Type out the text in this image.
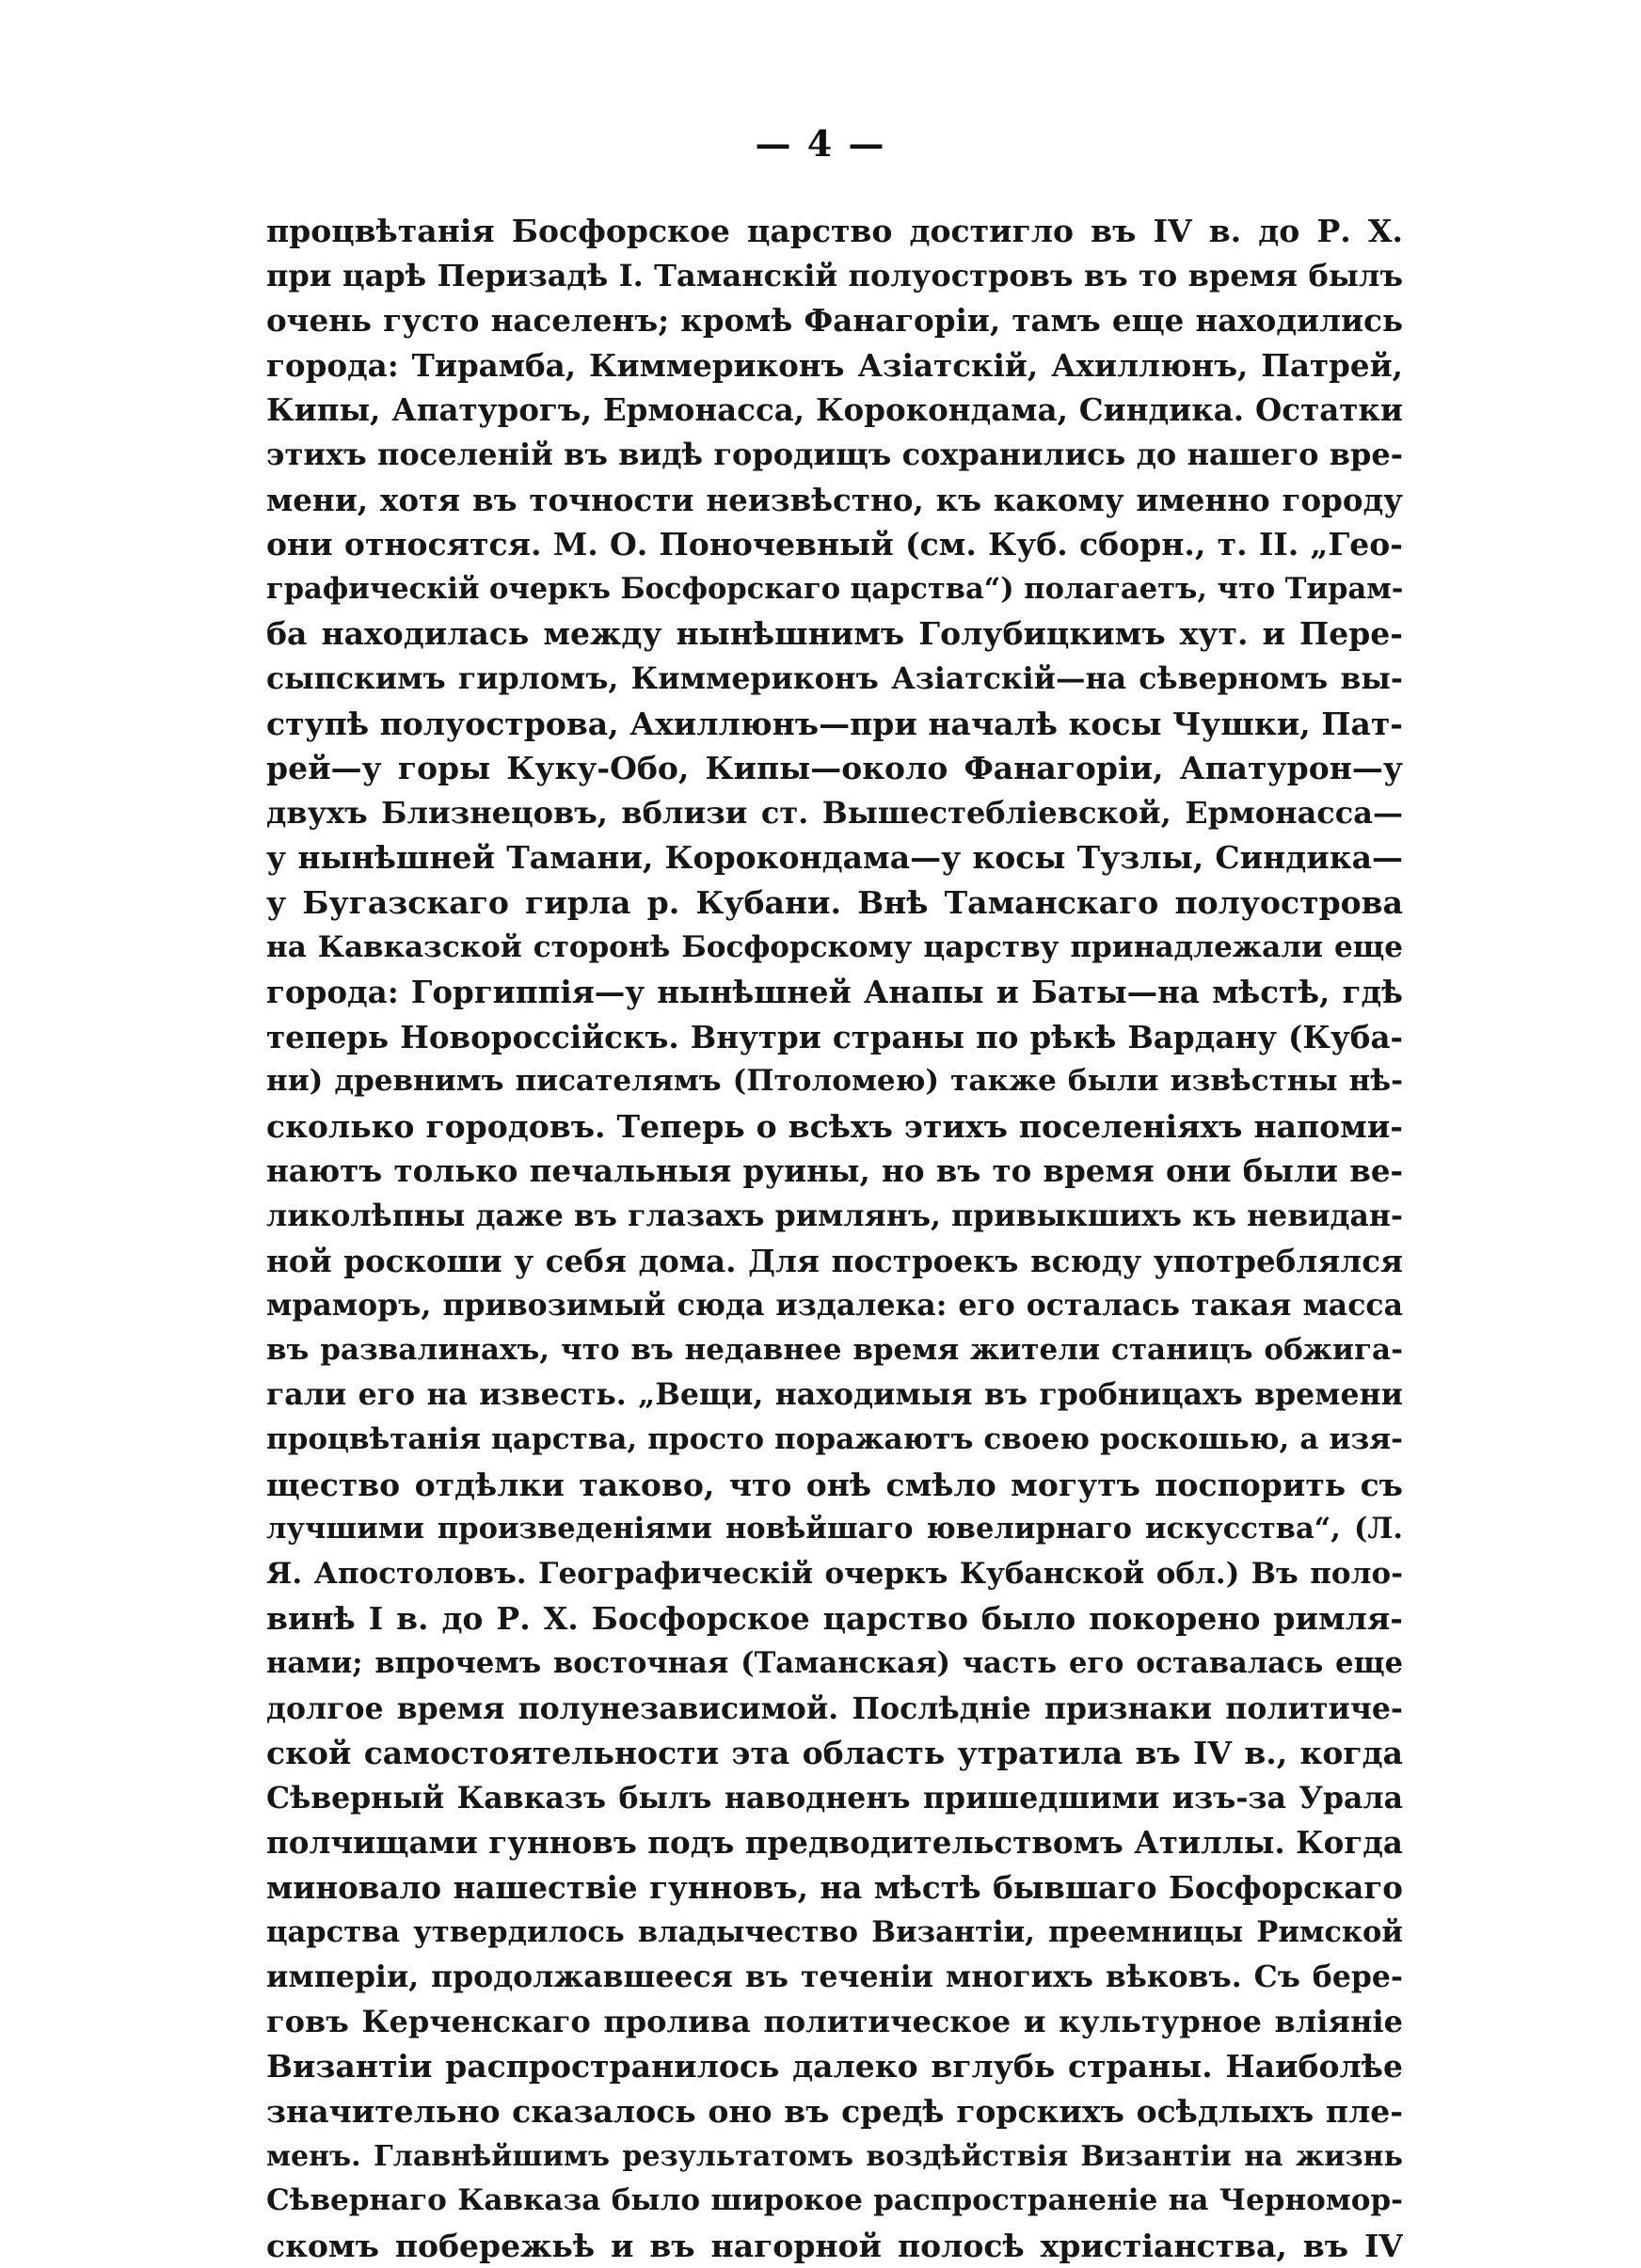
— 4 —
процвѣтанія Босфорское царство достигло въ IV в. до Р. Х.
при царѣ Перизадѣ I. Таманскій полуостровъ въ то время былъ
очень густо населенъ; кромѣ Фанагоріи, тамъ еще находились
города: Тирамба, Киммериконъ Азіатскій, Ахиллюнъ, Патрей,
Кипы, Апатурогъ, Ермонасса, Корокондама, Синдика. Остатки
этихъ поселеній въ видѣ городищъ сохранились до нашего вре-
мени, хотя въ точности неизвѣстно, къ какому именно городу
они относятся. М. О. Поночевный (см. Куб. сборн., т. II. „Гео-
графическій очеркъ Босфорскаго царства“) полагаетъ, что Тирам-
ба находилась между нынѣшнимъ Голубицкимъ хут. и Пере-
сыпскимъ гирломъ, Киммериконъ Азіатскій—на сѣверномъ вы-
ступѣ полуострова, Ахиллюнъ—при началѣ косы Чушки, Пат-
рей—у горы Куку-Обо, Кипы—около Фанагоріи, Апатурон—у
двухъ Близнецовъ, вблизи ст. Вышестебліевской, Ермонасса—
у нынѣшней Тамани, Корокондама—у косы Тузлы, Синдика—
у Бугазскаго гирла р. Кубани. Внѣ Таманскаго полуострова
на Кавказской сторонѣ Босфорскому царству принадлежали еще
города: Горгиппія—у нынѣшней Анапы и Баты—на мѣстѣ, гдѣ
теперь Новороссійскъ. Внутри страны по рѣкѣ Вардану (Куба-
ни) древнимъ писателямъ (Птоломею) также были извѣстны нѣ-
сколько городовъ. Теперь о всѣхъ этихъ поселеніяхъ напоми-
наютъ только печальныя руины, но въ то время они были ве-
ликолѣпны даже въ глазахъ римлянъ, привыкшихъ къ невидан-
ной роскоши у себя дома. Для построекъ всюду употреблялся
мраморъ, привозимый сюда издалека: его осталась такая масса
въ развалинахъ, что въ недавнее время жители станицъ обжига-
гали его на известь. „Вещи, находимыя въ гробницахъ времени
процвѣтанія царства, просто поражаютъ своею роскошью, а изя-
щество отдѣлки таково, что онѣ смѣло могутъ поспорить съ
лучшими произведеніями новѣйшаго ювелирнаго искусства“, (Л.
Я. Апостоловъ. Географическій очеркъ Кубанской обл.) Въ поло-
винѣ I в. до Р. Х. Босфорское царство было покорено римля-
нами; впрочемъ восточная (Таманская) часть его оставалась еще
долгое время полунезависимой. Послѣдніе признаки политиче-
ской самостоятельности эта область утратила въ IV в., когда
Сѣверный Кавказъ былъ наводненъ пришедшими изъ-за Урала
полчищами гунновъ подъ предводительствомъ Атиллы. Когда
миновало нашествіе гунновъ, на мѣстѣ бывшаго Босфорскаго
царства утвердилось владычество Византіи, преемницы Римской
имперіи, продолжавшееся въ теченіи многихъ вѣковъ. Съ бере-
говъ Керченскаго пролива политическое и культурное вліяніе
Византіи распространилось далеко вглубь страны. Наиболѣе
значительно сказалось оно въ средѣ горскихъ осѣдлыхъ пле-
менъ. Главнѣйшимъ результатомъ воздѣйствія Византіи на жизнь
Сѣвернаго Кавказа было широкое распространеніе на Черномор-
скомъ побережьѣ и въ нагорной полосѣ христіанства, въ IV
